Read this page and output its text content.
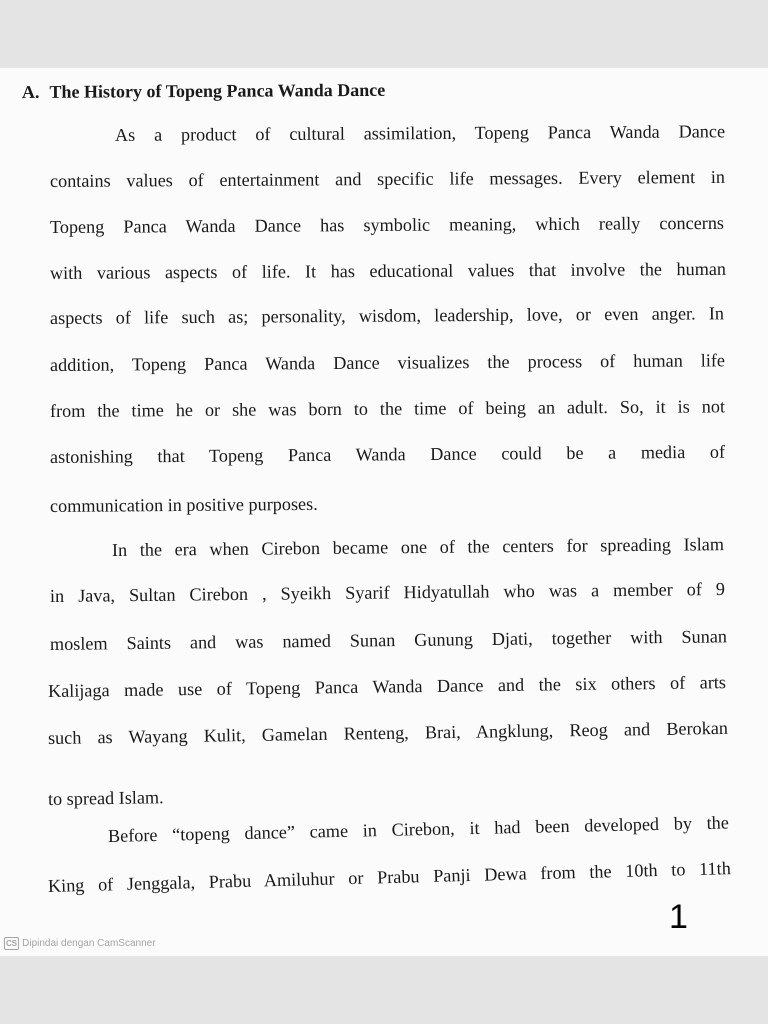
A. The History of Topeng Panca Wanda Dance
As a product of cultural assimilation, Topeng Panca Wanda Dance
contains values of entertainment and specific life messages. Every element in
Topeng Panca Wanda Dance has symbolic meaning, which really concerns
with various aspects of life. It has educational values that involve the human
aspects of life such as; personality, wisdom, leadership, love, or even anger. In
addition, Topeng Panca Wanda Dance visualizes the process of human life
from the time he or she was born to the time of being an adult. So, it is not
astonishing that Topeng Panca Wanda Dance could be a media of
communication in positive purposes.
In the era when Cirebon became one of the centers for spreading Islam
in Java, Sultan Cirebon , Syeikh Syarif Hidyatullah who was a member of 9
moslem Saints and was named Sunan Gunung Djati, together with Sunan
Kalijaga made use of Topeng Panca Wanda Dance and the six others of arts
such as Wayang Kulit, Gamelan Renteng, Brai, Angklung, Reog and Berokan
to spread Islam.
Before “topeng dance” came in Cirebon, it had been developed by the
King of Jenggala, Prabu Amiluhur or Prabu Panji Dewa from the 10th to 11th
1
CS Dipindai dengan CamScanner
